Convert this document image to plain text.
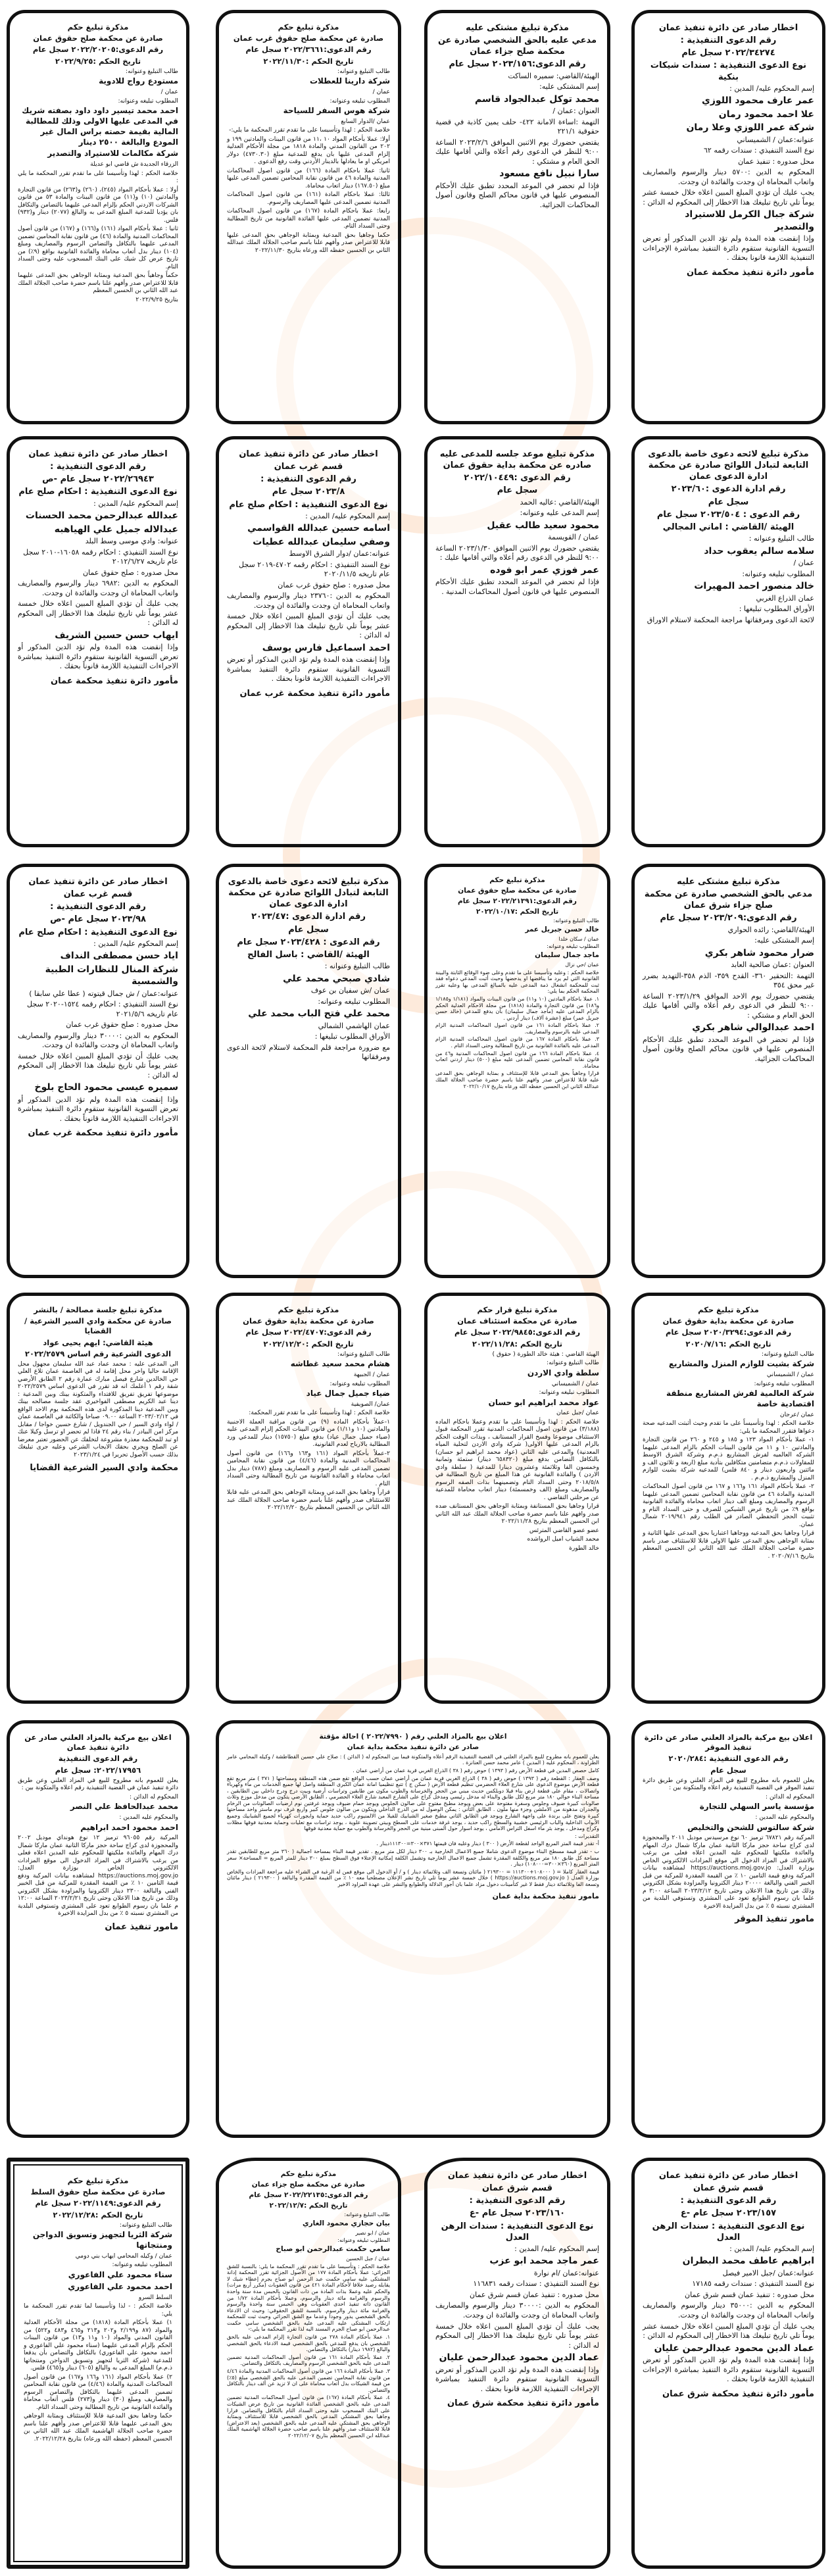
اخطار صادر عن دائرة تنفيذ عمان
رقم الدعوى التنفيذية :
٢٠٢٢/٣٤٢٧٤ سجل عام
نوع الدعوى التنفيذية : سندات شيكات بنكية
إسم المحكوم عليه/ المدين :
عمر عارف محمود اللوزي
علا احمد محمود رمان
شركة عمر اللوزي وعلا رمان
عنوانه:عمان / الشميساني
نوع السند التنفيذي : سندات رقمه ٦٢
محل صدوره : تنفيذ عمان
المحكوم به الدين :٥٧٠٠ دينار والرسوم والمصاريف واتعاب المحاماة ان وجدت والفائدة ان وجدت.
يجب عليك أن تؤدي المبلغ المبين اعلاه خلال خمسة عشر يوماً تلي تاريخ تبليغك هذا الاخطار إلى المحكوم له الدائن :
شركة جبال الكرمل للاستيراد والتصدير
وإذا إنقضت هذه المدة ولم تؤد الدين المذكور أو تعرض التسوية القانونية ستقوم دائرة التنفيذ بمباشرة الإجراءات التنفيذية اللازمة قانونا بحقك .
مأمور دائرة تنفيذ محكمة عمان
مذكرة تبليغ مشتكى عليه
مدعي عليه بالحق الشخصي صادرة عن محكمة صلح جزاء عمان
رقم الدعوى:٢٠٢٣/١٥٦ سجل عام
الهيئة/القاضي: سميره الساكت
إسم المشتكى عليه:
محمد توكل عبدالجواد قاسم
العنوان :عمان /
التهمة :اساءة الامانة ٤٢٢- حلف يمين كاذبة في قضية حقوقية ٢٢١/١
يقتضي حضورك يوم الاثنين الموافق ٢٠٢٣/٢/٦ الساعة ٩:٠٠ للنظر في الدعوى رقم أعلاه والتي أقامها عليك الحق العام و مشتكي :
سارا نبيل نافع مسعود
فإذا لم تحضر في الموعد المحدد تطبق عليك الأحكام المنصوص عليها في قانون محاكم الصلح وقانون أصول المحاكمات الجزائية.
مذكرة تبليغ حكم
صادرة عن محكمة صلح حقوق غرب عمان
رقم الدعوى:٢٠٢٢/٣٦٦١ سجل عام
تاريخ الحكم :٢٠٢٢/١١/٣٠
طالب التبليغ وعنوانه:
شركة دارينا للعطلات
عمان /
المطلوب تبليغه وعنوانه:
شركة هوس السفر للسياحة
عمان /الدوار السابع
خلاصة الحكم : لهذا وتأسيسا على ما تقدم تقرر المحكمة ما يلي:-
أولا: عملا بأحكام المواد ١٠ ،١١ من قانون البينات والمادتين ١٩٩ و ٢٠٢ من القانون المدني والمادة ١٨١٨ من مجلة الأحكام العدلية إلزام المدعى عليها بان يدفع للمدعية مبلغ (٤٧٣٠.٣٠) دولار امريكي او ما يعادلها بالدينار الأردني وقت رفع الدعوى .
ثانيا: عملا باحكام المادة (١٦٦) من قانون اصول المحاكمات المدنية والمادة ٤٦ من قانون نقابة المحامين تضمين المدعى عليها مبلغ (١٦٧.٥٠) دينار اتعاب محاماة.
ثالثا: عملا باحكام المادة (١٦١) من قانون اصول المحاكمات المدنية تضمين المدعى عليها المصاريف والرسوم.
رابعا: عملا باحكام المادة (١٦٧) من قانون اصول المحاكمات المدنية تضمين المدعى عليها الفائدة القانونية من تاريخ المطالبة وحتى السداد التام.
حكما وجاهيا بحق المدعية وبمثابة الوجاهي بحق المدعى عليها قابلا للاعتراض صدر وأفهم علنا باسم صاحب الجلالة الملك عبدالله الثاني بن الحسين حفظه الله ورعاه بتاريخ ٢٠٢٢/١١/٣٠
مذكرة تبليغ حكم
صادرة عن محكمة صلح حقوق عمان
رقم الدعوى:٢٠٢٢/٢٠٢٠٥ سجل عام
تاريخ الحكم :٢٠٢٢/٩/٢٥
طالب التبليغ وعنوانه:
مستودع رواج للادوية
عمان /
المطلوب تبليغه وعنوانه:
احمد محمد تيسير داود داود بصفته شريك في المدعى عليها الاولى وذلك للمطالبة المالية بقيمة حصته براس المال غير المودع والبالغة ٢٥٠٠ دينار
شركة مكالمات للاستيراد والتصدير
الزرقاء الجديدة ش قاضي ابو عديلة
خلاصة الحكم : لهذا وتأسيسا على ما تقدم تقرر المحكمة ما يلي :
أولا : عملا بأحكام المواد (٢٤٥)، (٢٦٠) و(٢٦٣) من قانون التجارة والمادتين (١٠) و(١١) من قانون البينات والمادة ٥٣ من قانون الشركات الاردني الحكم بإلزام المدعى عليهما بالتضامن والتكافل بان يؤديا للمدعية المبلغ المدعى به والبالغ (٢٠٧٧) دينار و(٩٣٢) فلس.
ثانيا : عملا بأحكام المواد (١٦١) و(١٦٦) و (١٦٧) من قانون أصول المحاكمات المدنية والمادة (٤٦) من قانون نقابة المحامين تضمين المدعى عليهما بالتكافل والتضامن الرسوم والمصاريف ومبلغ (١٠٤) دينار بدل أتعاب محاماة والفائدة القانونية بواقع (٩٪) من تاريخ عرض كل شيك على البنك المسحوب عليه وحتى السداد التام.
حكماً وجاهياً بحق المدعية وبمثابة الوجاهي بحق المدعى عليهما قابلا للاعتراض صدر وأفهم علنا باسم حضرة صاحب الجلالة الملك عبد الله الثاني بن الحسين المعظم
بتاريخ ٢٠٢٢/٩/٢٥
مذكرة تبليغ لائحه دعوى خاصة بالدعوى التابعة لتبادل اللوائح صادرة عن محكمة ادارة الدعوى عمان
رقم ادارة الدعوى :٢٠٢٣/٦٠
سجل عام
رقم الدعوى : ٢٠٢٣/٥٠٤ سجل عام
الهيئة /القاضي : اماني المجالي
طالب التبليغ وعنوانه :
سلامه سالم يعقوب حداد
عمان /
المطلوب تبليغه وعنوانه:
خالد منصور احمد المهيرات
عمان الذراع الغربي
الأوراق المطلوب تبليغها :
لائحة الدعوى ومرفقاتها مراجعة المحكمة لاستلام الاوراق
مذكرة تبليغ موعد جلسه للمدعى عليه صادره عن محكمة بداية حقوق عمان
رقم الدعوى :٢٠٢٢/١٠٤٤٩
سجل عام
الهيئة/القاضي :عاليه الحمد
إسم المدعى عليه وعنوانه:
محمود سعيد طالب عقيل
عمان / القويسمة
يقتضي حضورك يوم الاثنين الموافق ٢٠٢٣/١/٣٠ الساعة ٩:٠٠ للنظر في الدعوى رقم أعلاه والتي أقامها عليك :
عمر فوزي عمر ابو فوده
فإذا لم تحضر في الموعد المحدد تطبق عليك الأحكام المنصوص عليها في قانون أصول المحاكمات المدنية .
اخطار صادر عن دائرة تنفيذ عمان
قسم غرب عمان
رقم الدعوى التنفيذية :
٢٠٢٣/٨ سجل عام
نوع الدعوى التنفيذية : احكام صلح عام
إسم المحكوم عليه/ المدين :
اسامه حسين عبدالله القواسمي
وصفي سليمان عبدالله عطيات
عنوانه:عمان /دوار الشرق الاوسط
نوع السند التنفيذي : احكام رقمه ٤٧٠٢-٢٠١٩ سجل عام تاريخه ٢٠٢٠/١١/٥
محل صدوره : صلح حقوق غرب عمان
المحكوم به الدين :٢٣٧٦٠ دينار والرسوم والمصاريف واتعاب المحاماة ان وجدت والفائدة ان وجدت.
يجب عليك أن تؤدي المبلغ المبين اعلاه خلال خمسة عشر يوماً تلي تاريخ تبليغك هذا الاخطار إلى المحكوم له الدائن :
احمد اسماعيل فارس يوسف
وإذا إنقضت هذه المدة ولم تؤد الدين المذكور أو تعرض التسوية القانونية ستقوم دائرة التنفيذ بمباشرة الاجراءات التنفيذية اللازمة قانونا بحقك .
مأمور دائرة تنفيذ محكمة غرب عمان
اخطار صادر عن دائرة تنفيذ عمان
رقم الدعوى التنفيذية :
٢٠٢٢/٢٦٩٤٣ سجل عام -ص
نوع الدعوى التنفيذية : احكام صلح عام
إسم المحكوم عليه/ المدين :
عبدالله عبدالرحمن محمد الحسنات
عبدالاله جميل علي الهياهبه
عنوانه: وادي موسى وسط البلد
نوع السند التنفيذي : احكام رقمه ١٦٠٥٨-٢٠١٠ سجل عام تاريخه ٢٠١٢/٦/٢٧
محل صدوره : صلح حقوق عمان
المحكوم به الدين :٦٩٨٢ دينار والرسوم والمصاريف واتعاب المحاماة ان وجدت والفائدة ان وجدت.
يجب عليك أن تؤدي المبلغ المبين اعلاه خلال خمسة عشر يوماً تلي تاريخ تبليغك هذا الاخطار إلى المحكوم له الدائن :
ايهاب حسن حسين الشريف
وإذا إنقضت هذه المدة ولم تؤد الدين المذكور أو تعرض التسوية القانونية ستقوم دائرة التنفيذ بمباشرة الاجراءات التنفيذية اللازمة قانوناً بحقك .
مأمور دائرة تنفيذ محكمة عمان
مذكرة تبليغ مشتكى عليه
مدعي بالحق الشخصي صادرة عن محكمة صلح جزاء شرق عمان
رقم الدعوى:٢٠٢٣/٢٠٩ سجل عام
الهيئة/القاضي: رائده الحواري
إسم المشتكى عليه:
ضرار محمود شاهر بكري
العنوان :عمان صالحية العابد
التهمة :التحقير ٣٦٠- القدح ٣٥٩- الذم ٣٥٨-التهديد بضرر غير محق ٣٥٤
يقتضي حضورك يوم الاحد الموافق ٢٠٢٣/١/٢٩ الساعة ٩:٠٠ للنظر في الدعوى رقم أعلاه والتي أقامها عليك الحق العام و مشتكي :
احمد عبدالوالي شاهر بكري
فإذا لم تحضر في الموعد المحدد تطبق عليك الأحكام المنصوص عليها في قانون محاكم الصلح وقانون أصول المحاكمات الجزائية.
مذكرة تبليغ حكم
صادرة عن محكمة صلح حقوق عمان
رقم الدعوى:٢٠٢٢/٢١٣٩١ سجل عام
تاريخ الحكم :٢٠٢٢/١٠/١٧
طالب التبليغ وعنوانه:
خالد حسن جبريل عمر
عمان / سكان خلدا
المطلوب تبليغه وعنوانه:
ماجد جمال سليمان
عمان /حي نزال
خلاصة الحكم : وعليه وتأسيسا على ما تقدم وعلى ضوء الوقائع الثابتة والبينة القانونية التي لم يرد ما يناقضها او يدحضها وحيث أثبت المدعي دعواه فقد ثبت للمحكمة انشغال ذمة المدعى عليه بالمبالغ المدعى بها وعليه تقرر المحكمة الحكم بما يلي:
١. عملا باحكام المادتين (١٠ و١١) من قانون البينات والمواد (١/١٨١ و١/١٨٥ و١٨٦) من قانون التجارة والمادة (١٨١٨) من مجلة الاحكام العدلية الحكم بالزام المدعى عليه (ماجد جمال سليمان) بأن يدفع للمدعي (خالد حسن جبريل عمر) مبلغ (عشرة آلاف) دينار أردني .
٢. عملا باحكام المادة ١٦١ من قانون اصول المحاكمات المدنية الزام المدعى عليه بالرسوم والمصاريف.
٣. عملا باحكام المادة ١٦٧ من قانون اصول المحاكمات المدنية الزام المدعى عليه بالفائدة القانونية من تاريخ المطالبة وحتى السداد التام .
٤. عملا باحكام المادة ١٦٦ من قانون اصول المحاكمات المدنية و٤٦ من قانون نقابة المحامين تضمين المدعى عليه مبلغ (٥٠٠) دينار اردني اتعاب محاماة.
قرارا وجاهياً بحق المدعي قابلا للإستئناف و بمثابة الوجاهي بحق المدعى عليه قابلا للاعتراض صدر وافهم علنا باسم حضرة صاحب الجلالة الملك عبدالله الثاني ابن الحسين حفظه الله ورعاه بتاريخ ٢٠٢٢/١٠/١٧
مذكرة تبليغ لائحه دعوى خاصة بالدعوى التابعة لتبادل اللوائح صادرة عن محكمة ادارة الدعوى عمان
رقم ادارة الدعوى :٢٠٢٣/٤٧
سجل عام
رقم الدعوى : ٢٠٢٣/٤٢٨ سجل عام
الهيئة /القاضي : باسل الفالح
طالب التبليغ وعنوانه :
شادي صبحي محمد علي
عمان /ش سفيان بن عوف
المطلوب تبليغه وعنوانه:
محمد علي فتح الباب محمد علي
عمان الهاشمي الشمالي
الأوراق المطلوب تبليغها :
مع ضرورة مراجعة قلم المحكمة لاستلام لائحة الدعوى ومرفقاتها
اخطار صادر عن دائرة تنفيذ عمان
قسم غرب عمان
رقم الدعوى التنفيذية :
٢٠٢٣/٩٨ سجل عام -ص
نوع الدعوى التنفيذية : احكام صلح عام
إسم المحكوم عليه/ المدين :
اياد حسن مصطفى النداف
شركة المنال للنظارات الطبية والشمسية
عنوانه:عمان / ش جمال قيتوته ( عطا علي سابقا )
نوع السند التنفيذي : احكام رقمه ١٥٢٤-٢٠٢٠ سجل عام تاريخه ٢٠٢١/٥/٦
محل صدوره : صلح حقوق غرب عمان
المحكوم به الدين :٣٠٠٠٠ دينار والرسوم والمصاريف واتعاب المحاماة ان وجدت والفائدة ان وجدت.
يجب عليك أن تؤدي المبلغ المبين اعلاه خلال خمسة عشر يوماً تلي تاريخ تبليغك هذا الاخطار إلى المحكوم له الدائن :
سميره عيسى محمود الحاج بلوخ
وإذا إنقضت هذه المدة ولم تؤد الدين المذكور أو تعرض التسوية القانونية ستقوم دائرة التنفيذ بمباشرة الاجراءات التنفيذية اللازمة قانوناً بحقك .
مأمور دائرة تنفيذ محكمة غرب عمان
مذكرة تبليغ حكم
صادرة عن محكمة بداية حقوق عمان
رقم الدعوى:٢٠٢٠/٣٢٩٤ سجل عام
تاريخ الحكم :٢٠٢٠/٧/١٦
طالب التبليغ وعنوانه:
شركة بشيت للوازم المنزل والمشاريع
عمان / الشميساني
المطلوب تبليغه وعنوانه:
شركة العالمية لفرش المشاريع منطقة اقتصادية خاصة
عمان /عرجان
خلاصة الحكم : لهذا وتأسيساً على ما تقدم وحيث أثبتت المدعيه صحة دعواها فتقرر المحكمة ما يلي:
١- عملا بأحكام المواد ١٢٣ و ١٨٥ و ٢٤٥ و ٢٦٠ من قانون التجارة والمادتين ١٠ و ١١ من قانون البينات الحكم بالزام المدعى عليهما الشركه العالميه لفرش المشاريع ذ.م.م وشركة الشرق الاوسط للمقاولات ذ.م.م متضامنين متكافلين بتأدية مبلغ (اربعة و ثلاثون الف و مائتين واربعون دينار و ٨٤٠ فلس) للمدعيه شركة بشيت للوازم المنزل والمشاريع ذ.م.م .
٢- عملا بأحكام المواد ١٦١ و١٦٦ و ١٦٧ من قانون أصول المحاكمات المدنية والمادة ٤٦ من قانون نقابة المحامين تضمين المدعى عليهما الرسوم والمصاريف ومبلغ الف دينار اتعاب محاماة والفائدة القانونية بواقع ٩٪ من تاريخ عرض الشيكين للصرف و حتى السداد التام و تثبيت الحجز التحفظي الصادر في الطلب رقم ٢٠١٩/٩٤١ شمال عمان.
قرارا وجاهيا بحق المدعيه ووجاهيا اعتباريا بحق المدعى عليها الثانية و بمثابة الوجاهي بحق المدعى عليها الاولى قابلا للاستئناف صدر باسم حضرة صاحب الجلالة الملك عبد الله الثاني ابن الحسين المعظم بتاريخ ٢٠٢٠/٧/١٦ .
مذكرة تبليغ قرار حكم
صادرة عن محكمة استئناف عمان
رقم الدعوى:٢٠٢٢/٩٨٤٥ سجل عام
تاريخ الحكم :٢٠٢٢/١١/٢٨
الهيئة القاضي : هيئة خالد الطورة ( حقوق )
طالب التبليغ وعنوانه:
سلطة وادي الاردن
عمان / الشميساني
المطلوب تبليغه وعنوانه:
عواد محمد ابراهيم ابو حسان
عمان /جبل عمان
خلاصة الحكم : لهذا وتأسيسا على ما تقدم وعملا باحكام الماده (٣/١٨٨) من قانون اصول المحاكمات المدنية تقرر المحكمة قبول الاستئناف موضوعا وفسخ القرار المستانف ، وبذات الوقت الحكم بالزام المدعى عليها الاولى( شركة وادي الاردن لتحلية المياه المعدنية) والمدعى عليه الثاني (عواد محمد ابراهيم ابو حسان) بالتكافل التضامن بدفع مبلغ (٦٥٨٣٢٠ دينار) ستمئة وثمانية وخمسون الفا وثلاثمئة وعشرون دينارا للمدعية ( سلطة وادي الاردن ) والفائدة القانونية عن هذا المبلغ من تاريخ المطالبة في ٢٠١٨/٥/٨ وحتى السداد التام وتضمينهما بذات الصفه الرسوم والمصاريف ومبلغ (الف وخمسمئة) دينار اتعاب محاماة للمدعية عن مرحلتي التقاضي .
قرارا وجاهيا بحق المستانفة وبمثابة الوجاهي بحق المستانف ضده صدر وافهم علنا باسم حضرة صاحب الجلالة الملك عبد الله الثاني ابن الحسين المعظم بتاريخ ٢٠٢٢/١١/٢٨
عضو عضو القاضي المترئس
محمد الشياب اميل الرواشده
خالد الطورة
مذكرة تبليغ حكم
صادرة عن محكمة بداية حقوق عمان
رقم الدعوى:٢٠٢٢/٤٧٠٧ سجل عام
تاريخ الحكم :٢٠٢٢/١٢/٢٠
طالب التبليغ وعنوانه:
هشام محمد سعيد غطاشه
عمان / الجبيهة
المطلوب تبليغه وعنوانه:
ضياء جميل جمال عياد
عمان/ الصويفية
خلاصة الحكم : لهذا وتأسيساً على ما تقدم تقرر المحكمة:
١-عملاً بأحكام الماده (٩) من قانون مراقبة العملة الاجنبية والمادتين (١٠ و١/١١) من قانون البينات الحكم إلزام المدعى عليه (ضياء جميل جمال عياد) بدفع مبلغ (١٥٧٥٠) دينار للمدعي ورد المطالبة بالارباح لعدم القانونية.
٢-عملاً بأحكام المواد (١٦١ و١٦٣ و١٦٦) من قانون أصول المحاكمات المدنية والمادة (٤/٤٦) من قانون نقابة المحامين تضمين المدعى عليه الرسوم و المصاريف ومبلغ (٧٨٧) دينار بدل اتعاب محاماة و الفائدة القانونية من تاريخ المطالبة وحتى السداد التام .
قراراً وجاهيا بحق المدعي وبمثابة الوجاهي بحق المدعى عليه قابلا للاستئناف صدر وأفهم علناً باسم حضرة صاحب الجلالة الملك عبد الله الثاني بن الحسين المعظم بتاريخ ٢٠٢٢/١٢/٢٠
مذكرة تبليغ جلسة مصالحة / بالنشر
صادرة عن محكمة وادي السير الشرعية / القضايا
هيئة القاضي: ايهم يحيى عواد
الدعوى الشرعية رقم اساس ٢٠٢٢/٢٥٧٩
الى المدعى عليه : محمد عماد عبد الله سليمان مجهول محل الإقامة حاليا واخر محل إقامة له في العاصمة عمان تلاع العلي حي الخالدين شارع فيصل مبارك عمارة رقم ٢ الطابق الأرضي شقة رقم ١ أعلمك انه قد تقرر في الدعوى اساس ٢٠٢٢/٢٥٧٩ موضوعها تفريق تفريق للافتداء والمتكونة بينك وبين المدعية : دينا عبد الكريم مصطفى الفواخيري عقد جلسة مصالحه بينك وبين المدعية دينا المذكورة لدى هذه المحكمة يوم الاحد الواقع في ٢٠٢٣/٠٢/١٢ الساعة ٠٩.٠٠ صباحا والكائنة في العاصمة عمان / لواء وادي السير / حي الجندويل / شارع حسين خواجا / مقابل مركز امن البيادر / بناء رقم ٢٤ فاذا لم تحضر او ترسل وكيلا عنك او تبد للمحكمة معذرة مشروعة لتخلفك عن الحضور تعتبر معرضا عن الصلح ويجري بحقك الايجاب الشرعي وعليه جرى تبليغك بذلك حسب الأصول تحريرا في ٢٠٢٣/١/٢٤
محكمة وادي السير الشرعية القضايا
اعلان بيع مركبة بالمزاد العلني صادر عن دائرة تنفيذ الموقر
رقم الدعوى التنفيذية :٢٠٢٠/٢٨٤
سجل عام
يعلن للعموم بانه مطروح للبيع في المزاد العلني وعن طريق دائرة تنفيذ الموقر في القضية التنفيذية رقم اعلاه والمتكونة بين :
المحكوم له الدائن :
مؤسسة ياسر السهلي للتجارة
والمحكوم عليه المدين :
شركة سالتوس للشحن والتخليص
المركبة رقم ٦٧٨٢١ ترميز ٦٠ نوع مرسيدس موديل ٢٠١١ والمحجوزة لدى كراج ساحة حجز ماركا الثانية عمان ماركا شمال درك المهام والعائدة ملكيتها للمحكوم عليه المدين اعلاه فعلى من يرغب بالاشتراك في المزاد الدخول الى موقع المزادات الالكتروني الخاص بوزارة العدل: https://auctions.moj.gov.jo لمشاهده بيانات المركبة ودفع قيمة التامين ١٠ ٪ من القيمة المقدرة للمركبة من قبل الخبير الفني والبالغة ٢٠٠٠٠ دينار الكترونيا والمزاودة بشكل الكتروني وذلك من تاريخ هذا الاعلان وحتى تاريخ ٢٠٢٣/٢/١٢ الساعة ٣:٠٠ م علما بان رسوم الطوابع تعود على المشتري وتستوفي البلدية من المشتري نسبته ٥ ٪ من بدل المزايدة الاخيرة
مامور تنفيذ الموقر
اعلان بيع بالمزاد العلني رقم ( ٢٠٢٢/٧٩٩٠ ) احالة مؤقتة
صادر عن دائرة تنفيذ محكمة بداية عمان
يعلن للعموم بانه مطروح للبيع بالمزاد العلني في القضية التنفيذية الرقم أعلاه والمتكونة فيما بين المحكوم له ( الدائن ) : صلاح علي حسين القطاطشة / وكيله المحامي عامر الطراونة ، المحكوم عليه ( المدين ) عامر محمد حسن العنانزة .
كامل حصص المدين في قطعة الأرض رقم ( ١٣٩٣ ) حوض رقم ( ٣٨ ) الذراع الغربي قرية عمان من أراضي عمان .
وصف العقار : القطعة رقم ( ١٣٩٣ ) حوض رقم ( ٣٨ ) الذراع الغربي قرية عمان من أراضي عمان حسب الواقع تقع ضمن هذه المنطقة ومساحتها ( ٣٧١ ) متر مربع تقع قطعة الأرض موضوع الدعوى على شارع العلاء الحضرمي تنظيم قطعة الأرض ( سكن ج ) تتبع تنظيميا امانة عمان الكبرى المنطقة واصل لها جميع الخدمات من ماء وكهرباء واتصالات ، مقام على قطعة ارض بناء فيلا دوبلكس حديث مبني من الحجر والخرسانة والطوب مكون من طابقين وتراسات أرضية وبيت درج ودرج داخلي بين الطابقين ، مساحة البناء حوالي ١٨٠ متر مربع لكل طابق والبناء له مدخل رئيسي ومدخل كراج على الشارع المعبد شارع العلاء الحضرمي ، الطابق الأرضي يتكون من مدخل موزع وثلاث صالونات كبيرة ضيوف وجلوس وسفرة مفتوحة على بعض ويوجد مطبخ مفتوح على صالون الجلوس ويوجد حمام ضيوف ويوجد غرفتين نوم ارضيات الصالونات من الرخام والجدران مدهونة من الاملشن وجزء منها ملون . الطابق الثاني : يمكن الوصول له من الدرج الداخلي ويتكون من صالون جلوس كبير واربع غرف نوم ماستر واحد مساحتها كبيرة وتفتح على برندة على واجهة الشارع ويوجد في الطابق الثاني مطبخ صغير الشبابيك للفيلا من الالمنيوم راكب حديد حماية وابجورات كهرباء لجميع الشبابيك وجميع الأبواب الداخلية والباب الرئيسي خشبية والسطح راكب حديد ، يوجد غرفة خدمات على السطح وبيتي تصوينة علوية ، يوجد تراسات مع تعليات وحماية معدنية فوقها مظلات وكراج ومدخل ، يوجد بئر ماء اسفل التراس الامامي ، يوجد اسوار حول المبنى مبنية من الحجر والخرسانة والطوب مع حماية معدنية فوقها
التقديرات :
أ- تقدر قيمة المتر المربع الواحد لقطعة الأرض ( ٣٠٠ ) دينار وعليه فان قيمتها ٣٧١×٣٠٠=١١١٣٠٠دينار .
ب - تقدر قيمة مسطح البناء موضوع الدعوى شاملا جميع الاعمال الخارجية بـ ٣٠٠ دينار لكل متر مربع . تقدير قيمة البناء بمساحة اجمالية ( ٣٦٠ متر مربع للطابقين تقدر مساحة كل طابق ١٨٠ متر مربع والكلفة المقدرة تشمل جميع الاعمال الخارجية وتشمل الكلفة إمكانية الإعتلاء فوق السطح بمبلغ ٣٠٠ دينار للمتر المربع = المساحة× سعر المتر المربع (٣٦٠×٣٠٠=١٠٨٠٠٠) دينار .
قيمة العقار كاملا = ( ١٠٨٠٠٠+١١١٣٠٠ = ٢١٩٣٠٠ ( مائتان وتسعة الف وثلاثمائة دينار ) و / أو الدخول الى موقع فمن له الرغبة في الشراء عليه مراجعة المزادات والخاص بوزارة العدل ( https://auctions.moj.gov.jo ) خلال خمسة عشر يوما تلي تاريخ نشر الإعلان مصطحبا معه ١٠ ٪ من القيمة المقدرة والبالغة ( ٢١٩٣٠٠ ) دينار مائتان وتسعة الفا وثلاثمائة دينار فقط لا غير كتأمينات دخول مزاد علما بان أجور الدلالة والطوابع والنشر على عهدة المزاود الاخير
مامور تنفيذ محكمة بداية عمان
اعلان بيع مركبة بالمزاد العلني صادر عن دائرة تنفيذ عمان
رقم الدعوى التنفيذية
٢٠٢٢/١٧٩٥٦: سجل عام
يعلن للعموم بانه مطروح للبيع في المزاد العلني وعن طريق دائرة تنفيذ عمان في القضية التنفيذية رقم اعلاه والمتكونة بين :
المحكوم له الدائن :
محمد عبدالحافظ علي النصر
والمحكوم عليه المدين :
احمد محمود احمد ابراهيم
المركبة رقم ٩٦٠٥٥ ترميز ١٢ نوع هونداي موديل ٢٠٠٢ والمحجوزة لدى كراج ساحة حجز ماركا الثانية عمان ماركا شمال درك المهام والعائدة ملكيتها للمحكوم عليه المدين اعلاه فعلى من يرغب بالاشتراك في المزاد الدخول الى موقع المزادات الالكتروني الخاص بوزارة العدل: https://auctions.moj.gov.jo لمشاهده بيانات المركبة ودفع قيمة التامين ١٠ ٪ من القيمة المقدرة للمركبة من قبل الخبير الفني والبالغة ٢٣٠٠ دينار الكترونيا والمزاودة بشكل الكتروني وذلك من تاريخ هذا الاعلان وحتى تاريخ ٢٠٢٣/٢/٢١ الساعة ١٢:٠٠ م علما بان رسوم الطوابع تعود على المشتري وتستوفي البلدية من المشتري نسبته ٥ ٪ من بدل المزايدة الاخيرة
مامور تنفيذ عمان
اخطار صادر عن دائرة تنفيذ عمان
قسم شرق عمان
رقم الدعوى التنفيذية :
٢٠٢٣/١٥٧ سجل عام -ع
نوع الدعوى التنفيذية : سندات الرهن العدل
إسم المحكوم عليه/ المدين :
ابراهيم عاطف محمد البطران
عنوانه:عمان /جبل الامير فيصل
نوع السند التنفيذي : سندات رقمه ١٧١٨٥
محل صدوره : تنفيذ عمان قسم شرق عمان
المحكوم به الدين :٣٥٠٠٠ دينار والرسوم والمصاريف واتعاب المحاماة ان وجدت والفائدة ان وجدت.
يجب عليك أن تؤدي المبلغ المبين اعلاه خلال خمسة عشر يوماً تلي تاريخ تبليغك هذا الاخطار إلى المحكوم له الدائن :
عماد الدين محمود عبدالرحمن عليان
وإذا إنقضت هذه المدة ولم تؤد الدين المذكور أو تعرض التسوية القانونية ستقوم دائرة التنفيذ بمباشرة الإجراءات التنفيذية اللازمة قانونا بحقك .
مأمور دائرة تنفيذ محكمة شرق عمان
اخطار صادر عن دائرة تنفيذ عمان
قسم شرق عمان
رقم الدعوى التنفيذية :
٢٠٢٣/١٦٠ سجل عام -ع
نوع الدعوى التنفيذية : سندات الرهن العدل
إسم المحكوم عليه/ المدين :
عمر ماجد محمد ابو عزب
عنوانه:عمان /ام نوارة
نوع السند التنفيذي : سندات رقمه ١١٦٨٣١
محل صدوره : تنفيذ عمان قسم شرق عمان
المحكوم به الدين :٣٠٠٠٠ دينار والرسوم والمصاريف واتعاب المحاماة ان وجدت والفائدة ان وجدت.
يجب عليك أن تؤدي المبلغ المبين اعلاه خلال خمسة عشر يوماً تلي تاريخ تبليغك هذا الاخطار إلى المحكوم له الدائن :
عماد الدين محمود عبدالرحمن عليان
وإذا إنقضت هذه المدة ولم تؤد الدين المذكور أو تعرض التسوية القانونية ستقوم دائرة التنفيذ بمباشرة الإجراءات التنفيذية اللازمة قانونا بحقك .
مأمور دائرة تنفيذ محكمة شرق عمان
مذكرة تبليغ حكم
صادرة عن محكمة صلح جزاء عمان
رقم الدعوى:٢٠٢٢/٢٢١٣٥ سجل عام
تاريخ الحكم :٢٠٢٢/١٢/٧
طالب التبليغ وعنوانه:
بيان حجازي محمود الغاري
عمان / ابو نصير
المطلوب تبليغه وعنوانه:
سامي حكمت عبدالرحمن ابو صباح
عمان / جبل الحسين
خلاصة الحكم : وتأسيسا على ما تقدم تقرر المحكمة ما يلي: بالنسبة للشق الجزائي: عملا بأحكام المادة ١٧٧ من الأصول الجزائية تقرر المحكمة إدانة المشتكى عليه سامي حكمت عبد الرحمن ابو صباح بجرم إعطاء شيك لا يقابله رصيد خلافا لأحكام المادة ٤٢١ من قانون العقوبات (مكرر أربع مرات) والحكم عليه وعملا بذات المادة من ذات القانون بالحبس مدة سنة واحدة والرسوم والغرامة مائة دينار والرسوم، وعملا بأحكام المادة ١/٧٢ من القانون ذاته تنفيذ احدى العقوبات وهي الحبس سنة واحدة والرسوم والغرامة مائة دينار والرسوم. بالنسبة للشق الحقوقي: وحيث ان الادعاء بالحق الشخصي يدور وجودا وعدما مع الشق الجزائي وحيث ثبت للمحكمة ارتكاب المشتكى عليه المدعى عليه بالحق الشخصي سامي حكمت عبدالرحمن ابو صباح الجرم المسند اليه لذا تقرر المحكمة ما يلي:-
١. عملا بأحكام المادة ٢٧٨ من قانون التجارة إلزام المدعى عليه بالحق الشخصي بان يدفع للمدعي بالحق الشخصي قيمة الادعاء بالحق الشخصي والبالغ (١٩٨٢ دينار) بالتكافل والتضامن.
٢. عملا بأحكام المادة ١٦١ من قانون أصول المحاكمات المدنية تضمين المدعى عليه بالحق الشخصي الرسوم والمصاريف بالتكافل والتضامن.
٣. عملا بأحكام المادة ١٦٦ من قانون أصول المحاكمات المدنية والمادة ٤/٤٦ من قانون نقابة المحامين تضمين المدعى عليه بالحق الشخصي مبلغ (٥٪) من قيمة الشيكات بدل أتعاب محاماة على ان لا تزيد عن ألف دينار بالتكافل والتضامن.
٤. عملا بأحكام المادة (١٦٧) من قانون أصول المحاكمات المدنية تضمين المدعى عليه بالحق الشخصي الفائدة القانونية من تاريخ عرض الشيكات على البنك المسحوب عليه وحتى السداد التام بالتكافل والتضامن. قرارا وجاهيا بحق المشتكي المدعي بالحق الشخصي قابلا للاستئناف وبمثابة الوجاهي بحق المشتكى عليه المدعى عليه بالحق الشخصي (بعد الاعتراض) قابلا للاستئناف صدر وأفهم علنا باسم صاحب حضرة الجلالة الهاشمية الملك عبدالله ابن الحسين المعظم بتاريخ ٢٠٢٢/١٢/٠٧
مذكرة تبليغ حكم
صادرة عن محكمة صلح حقوق السلط
رقم الدعوى:٢٠٢٢/١١٤٩ سجل عام
تاريخ الحكم :٢٠٢٢/١٢/٢٨
طالب التبليغ وعنوانه:
شركة الثريا لتجهيز وتسويق الدواجن ومنتجاتها
عمان / وكيله المحامي ايهاب بني دومي
المطلوب تبليغه وعنوانه:
سناء محمود علي الفاعوري
احمد محمود علي الفاعوري
السلط السرو
خلاصة الحكم : - لذا وتأسيسا لما تقدم تقرر المحكمة ما يلي:
١) عملا بأحكام المادة (١٨١٨) من مجلة الأحكام العدلية والمواد (٨٧ و٢/١٩٩ و٢٠٢ و٢١٣ و٤٦٥ و٤٨٣ و٥٢٢) من القانون المدني والمواد (١٠ و١١ و١٣) من قانون البينات الحكم بإلزام المدعى عليهما (سناء محمود علي الفاعوري و أحمد محمود علي الفاعوري) بالتكافل والتضامن بأن يدفعا للمدعية (شركة الثريا لتجهيز وتسويق الدواجن ومنتجاتها ذ.م.م) المبلغ المدعى به والبالغ (٦٠٥) دينار و(٤٦٥) فلس.
٢) عملا بأحكام المواد (١٦١ و١٦٦ و١٦٧) من قانون أصول المحاكمات المدنية والمادة (٤/٤٦) من قانون نقابة المحامين تضمين المدعى عليهما بالتكافل والتضامن الرسوم والمصاريف ومبلغ (٣٠) دينار و(٢٧٣) فلس أتعاب محاماة والفائدة القانونية من تاريخ المطالبة وحتى السداد التام.
حكما وجاهيا بحق المدعية قابلا للإستئناف وبمثابة الوجاهي بحق المدعى عليهما قابلا للاعتراض صدر وأفهم علنا باسم حضرة صاحب الجلالة الهاشمية الملك عبد الله الثاني بن الحسين المعظم (حفظه الله ورعاه) بتاريخ ٢٠٢٢/١٢/٢٨.
